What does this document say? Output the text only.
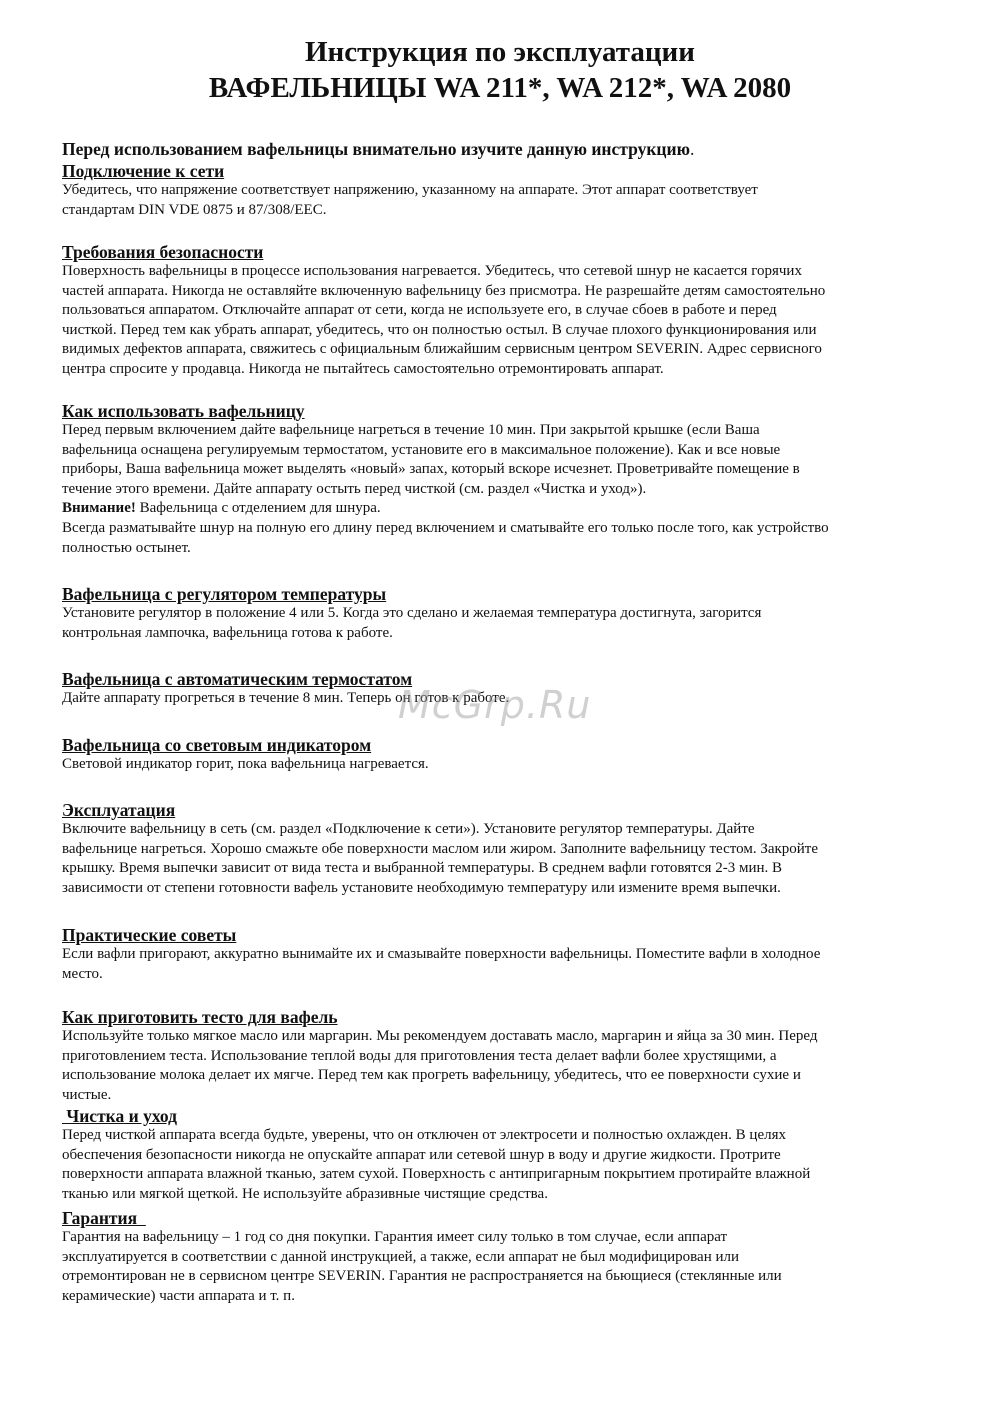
Инструкция по эксплуатации
ВАФЕЛЬНИЦЫ WA 211*, WA 212*, WA 2080
Перед использованием вафельницы внимательно изучите данную инструкцию.
Подключение к сети
Убедитесь, что напряжение соответствует напряжению, указанному на аппарате. Этот аппарат соответствует
стандартам DIN VDE 0875 и 87/308/EEC.
Требования безопасности
Поверхность вафельницы в процессе использования нагревается. Убедитесь, что сетевой шнур не касается горячих
частей аппарата. Никогда не оставляйте включенную вафельницу без присмотра. Не разрешайте детям самостоятельно
пользоваться аппаратом. Отключайте аппарат от сети, когда не используете его, в случае сбоев в работе и перед
чисткой. Перед тем как убрать аппарат, убедитесь, что он полностью остыл. В случае плохого функционирования или
видимых дефектов аппарата, свяжитесь с официальным ближайшим сервисным центром SEVERIN. Адрес сервисного
центра спросите у продавца. Никогда не пытайтесь самостоятельно отремонтировать аппарат.
Как использовать вафельницу
Перед первым включением дайте вафельнице нагреться в течение 10 мин. При закрытой крышке (если Ваша
вафельница оснащена регулируемым термостатом, установите его в максимальное положение). Как и все новые
приборы, Ваша вафельница может выделять «новый» запах, который вскоре исчезнет. Проветривайте помещение в
течение этого времени. Дайте аппарату остыть перед чисткой (см. раздел «Чистка и уход»).
Внимание! Вафельница с отделением для шнура.
Всегда разматывайте шнур на полную его длину перед включением и сматывайте его только после того, как устройство
полностью остынет.
Вафельница с регулятором температуры
Установите регулятор в положение 4 или 5. Когда это сделано и желаемая температура достигнута, загорится
контрольная лампочка, вафельница готова к работе.
Вафельница с автоматическим термостатом
Дайте аппарату прогреться в течение 8 мин. Теперь он готов к работе.
Вафельница со световым индикатором
Световой индикатор горит, пока вафельница нагревается.
Эксплуатация
Включите вафельницу в сеть (см. раздел «Подключение к сети»). Установите регулятор температуры. Дайте
вафельнице нагреться. Хорошо смажьте обе поверхности маслом или жиром. Заполните вафельницу тестом. Закройте
крышку. Время выпечки зависит от вида теста и выбранной температуры. В среднем вафли готовятся 2-3 мин. В
зависимости от степени готовности вафель установите необходимую температуру или измените время выпечки.
Практические советы
Если вафли пригорают, аккуратно вынимайте их и смазывайте поверхности вафельницы. Поместите вафли в холодное
место.
Как приготовить тесто для вафель
Используйте только мягкое масло или маргарин. Мы рекомендуем доставать масло, маргарин и яйца за 30 мин. Перед
приготовлением теста. Использование теплой воды для приготовления теста делает вафли более хрустящими, а
использование молока делает их мягче. Перед тем как прогреть вафельницу, убедитесь, что ее поверхности сухие и
чистые.
Чистка и уход
Перед чисткой аппарата всегда будьте, уверены, что он отключен от электросети и полностью охлажден. В целях
обеспечения безопасности никогда не опускайте аппарат или сетевой шнур в воду и другие жидкости. Протрите
поверхности аппарата влажной тканью, затем сухой. Поверхность с антипригарным покрытием протирайте влажной
тканью или мягкой щеткой. Не используйте абразивные чистящие средства.
Гарантия
Гарантия на вафельницу – 1 год со дня покупки. Гарантия имеет силу только в том случае, если аппарат
эксплуатируется в соответствии с данной инструкцией, а также, если аппарат не был модифицирован или
отремонтирован не в сервисном центре SEVERIN. Гарантия не распространяется на бьющиеся (стеклянные или
керамические) части аппарата и т. п.
McGrp.Ru
